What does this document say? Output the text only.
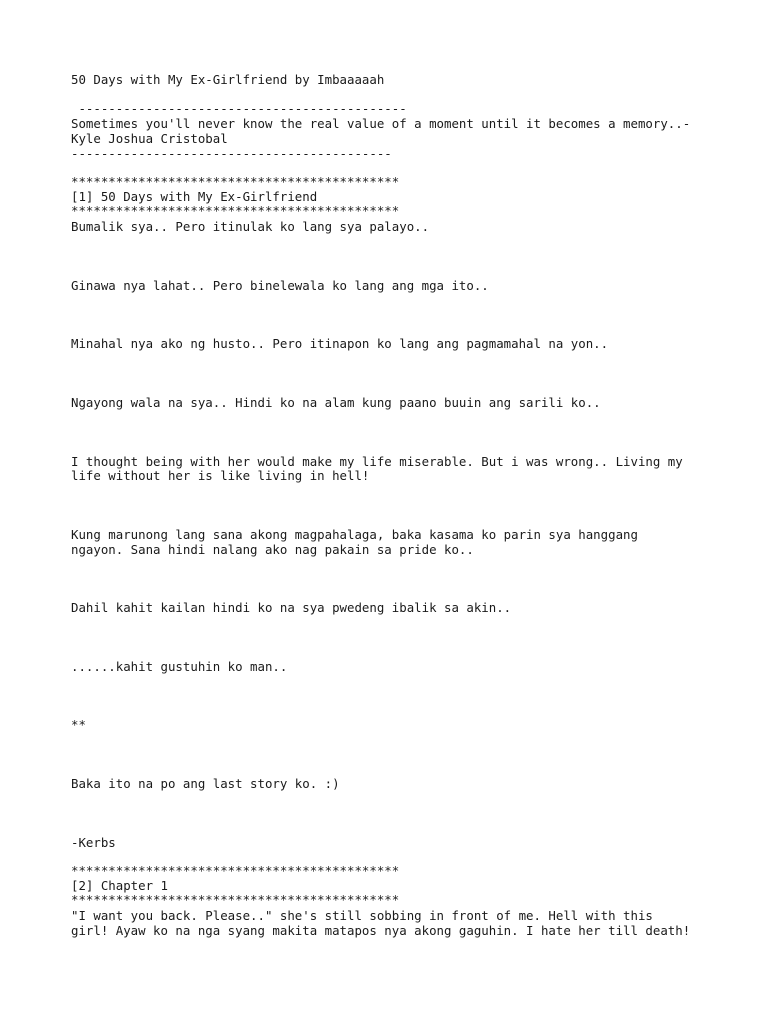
50 Days with My Ex-Girlfriend by Imbaaaaah

--------------------------------------------

Sometimes you'll never know the real value of a moment until it becomes a memory..-

Kyle Joshua Cristobal

-------------------------------------------

********************************************

[1] 50 Days with My Ex-Girlfriend

********************************************

Bumalik sya.. Pero itinulak ko lang sya palayo..

Ginawa nya lahat.. Pero binelewala ko lang ang mga ito..

Minahal nya ako ng husto.. Pero itinapon ko lang ang pagmamahal na yon..

Ngayong wala na sya.. Hindi ko na alam kung paano buuin ang sarili ko..

I thought being with her would make my life miserable. But i was wrong.. Living my

life without her is like living in hell!

Kung marunong lang sana akong magpahalaga, baka kasama ko parin sya hanggang

ngayon. Sana hindi nalang ako nag pakain sa pride ko..

Dahil kahit kailan hindi ko na sya pwedeng ibalik sa akin..

......kahit gustuhin ko man..

**

Baka ito na po ang last story ko. :)

-Kerbs

********************************************

[2] Chapter 1

********************************************

"I want you back. Please.." she's still sobbing in front of me. Hell with this

girl! Ayaw ko na nga syang makita matapos nya akong gaguhin. I hate her till death!
